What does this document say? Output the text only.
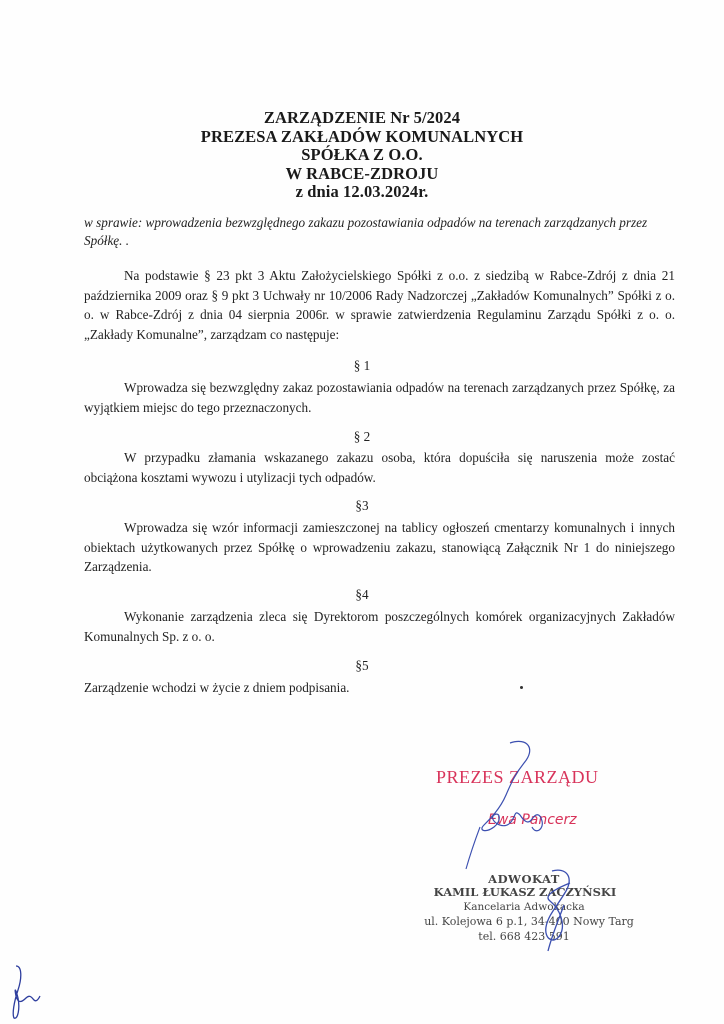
ZARZĄDZENIE Nr 5/2024
PREZESA ZAKŁADÓW KOMUNALNYCH
SPÓŁKA Z O.O.
W RABCE-ZDROJU
z dnia 12.03.2024r.
w sprawie: wprowadzenia bezwzględnego zakazu pozostawiania odpadów na terenach zarządzanych przez Spółkę. .
Na podstawie § 23 pkt 3 Aktu Założycielskiego Spółki z o.o. z siedzibą w Rabce-Zdrój z dnia 21 października 2009 oraz § 9 pkt 3 Uchwały nr 10/2006 Rady Nadzorczej „Zakładów Komunalnych” Spółki z o. o. w Rabce-Zdrój z dnia 04 sierpnia 2006r. w sprawie zatwierdzenia Regulaminu Zarządu Spółki z o. o. „Zakłady Komunalne”, zarządzam co następuje:
§ 1
Wprowadza się bezwzględny zakaz pozostawiania odpadów na terenach zarządzanych przez Spółkę, za wyjątkiem miejsc do tego przeznaczonych.
§ 2
W przypadku złamania wskazanego zakazu osoba, która dopuściła się naruszenia może zostać obciążona kosztami wywozu i utylizacji tych odpadów.
§3
Wprowadza się wzór informacji zamieszczonej na tablicy ogłoszeń cmentarzy komunalnych i innych obiektach użytkowanych przez Spółkę o wprowadzeniu zakazu, stanowiącą Załącznik Nr 1 do niniejszego Zarządzenia.
§4
Wykonanie zarządzenia zleca się Dyrektorom poszczególnych komórek organizacyjnych Zakładów Komunalnych Sp. z o. o.
§5
Zarządzenie wchodzi w życie z dniem podpisania.
PREZES ZARZĄDU
Ewa Pancerz
ADWOKAT
KAMIL ŁUKASZ ZACZYŃSKI
Kancelaria Adwokacka
ul. Kolejowa 6 p.1, 34-400 Nowy Targ
tel. 668 423 591
